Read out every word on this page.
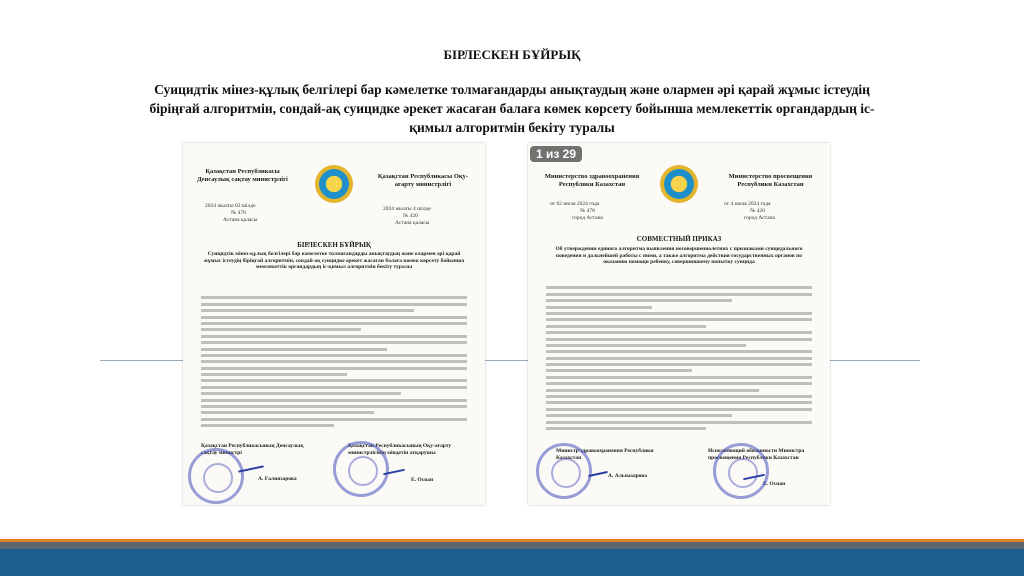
БІРЛЕСКЕН БҰЙРЫҚ
Суицидтік мінез-құлық белгілері бар кәмелетке толмағандарды анықтаудың және олармен әрі қарай жұмыс істеудің біріңғай алгоритмін, сондай-ақ суицидке әрекет жасаған балаға көмек көрсету бойынша мемлекеттік органдардың іс-қимыл алгоритмін бекіту туралы
Қазақстан Республикасы Денсаулық сақтау министрлігі	Қазақстан Республикасы Оқу-ағарту министрлігі
2024 жылғы 02 шілде
№ 478
Астана қаласы
2024 жылғы 4 шілде
№ 420
Астана қаласы
БІРЛЕСКЕН БҰЙРЫҚ
Суицидтік мінез-құлық белгілері бар кәмелетке толмағандарды анықтаудың және олармен әрі қарай жұмыс істеудің біріңғай алгоритмін, сондай-ақ суицидке әрекет жасаған балаға көмек көрсету бойынша мемлекеттік органдардың іс-қимыл алгоритмін бекіту туралы
Қазақстан Республикасының Денсаулық сақтау министрі
А. Ғалиязарова
Қазақстан Республикасының Оқу-ағарту министрлігінің міндетін атқарушы
Е. Оспан
1 из 29
Министерство здравоохранения Республики Казахстан
Министерство просвещения Республики Казахстан
от 02 июля 2024 года
№ 478
город Астана
от 4 июля 2024 года
№ 420
город Астана
СОВМЕСТНЫЙ ПРИКАЗ
Об утверждении единого алгоритма выявления несовершеннолетних с признаками суицидального поведения и дальнейшей работы с ними, а также алгоритма действия государственных органов по оказанию помощи ребенку, совершившему попытку суицида
Министр здравоохранения Республики Казахстан
А. Альназарова
Исполняющий обязанности Министра просвещения Республики Казахстан
Е. Оспан
